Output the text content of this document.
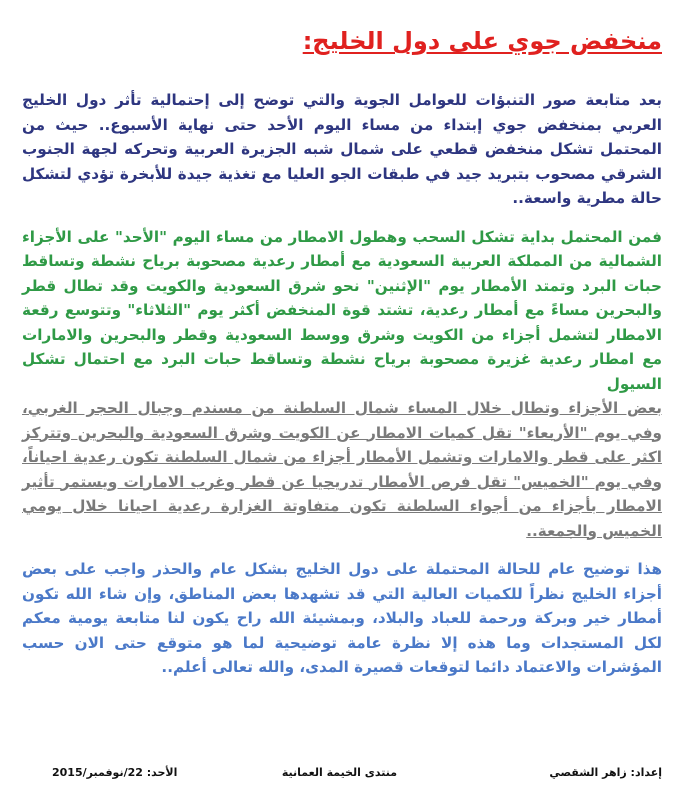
منخفض جوي على دول الخليج:

بعد متابعة صور التنبؤات للعوامل الجوية والتي توضح إلى إحتمالية تأثر دول الخليج العربي بمنخفض جوي إبتداء من مساء اليوم الأحد حتى نهاية الأسبوع.. حيث من المحتمل تشكل منخفض قطعي على شمال شبه الجزيرة العربية وتحركه لجهة الجنوب الشرقي مصحوب بتبريد جيد في طبقات الجو العليا مع تغذية جيدة للأبخرة تؤدي لتشكل حالة مطرية واسعة..

فمن المحتمل بداية تشكل السحب وهطول الامطار من مساء اليوم "الأحد" على الأجزاء الشمالية من المملكة العربية السعودية مع أمطار رعدية مصحوبة برياح نشطة وتساقط حبات البرد وتمتد الأمطار يوم "الإثنين" نحو شرق السعودية والكويت وقد تطال قطر والبحرين مساءً مع أمطار رعدية، تشتد قوة المنخفض أكثر يوم "الثلاثاء" وتتوسع رقعة الامطار لتشمل أجزاء من الكويت وشرق ووسط السعودية وقطر والبحرين والامارات مع امطار رعدية غزيرة مصحوبة برياح نشطة وتساقط حبات البرد مع احتمال تشكل السيول

بعض الأجزاء وتطال خلال المساء شمال السلطنة من مسندم وجبال الحجر الغربي، وفي يوم "الأربعاء" تقل كميات الامطار عن الكويت وشرق السعودية والبحرين وتتركز اكثر على قطر والامارات وتشمل الأمطار أجزاء من شمال السلطنة تكون رعدية احياناً، وفي يوم "الخميس" تقل فرص الأمطار تدريجيا عن قطر وغرب الامارات ويستمر تأثير الامطار بأجزاء من أجواء السلطنة تكون متفاوتة الغزارة رعدية احيانا خلال يومي الخميس والجمعة..

هذا توضيح عام للحالة المحتملة على دول الخليج بشكل عام والحذر واجب على بعض أجزاء الخليج نظراً للكميات العالية التي قد تشهدها بعض المناطق، وإن شاء الله تكون أمطار خير وبركة ورحمة للعباد والبلاد، وبمشيئة الله راح يكون لنا متابعة يومية معكم لكل المستجدات وما هذه إلا نظرة عامة توضيحية لما هو متوقع حتى الان حسب المؤشرات والاعتماد دائما لتوقعات قصيرة المدى، والله تعالى أعلم..

إعداد: زاهر الشقصي
منتدى الخيمة العمانية
الأحد: 22/نوفمبر/2015
